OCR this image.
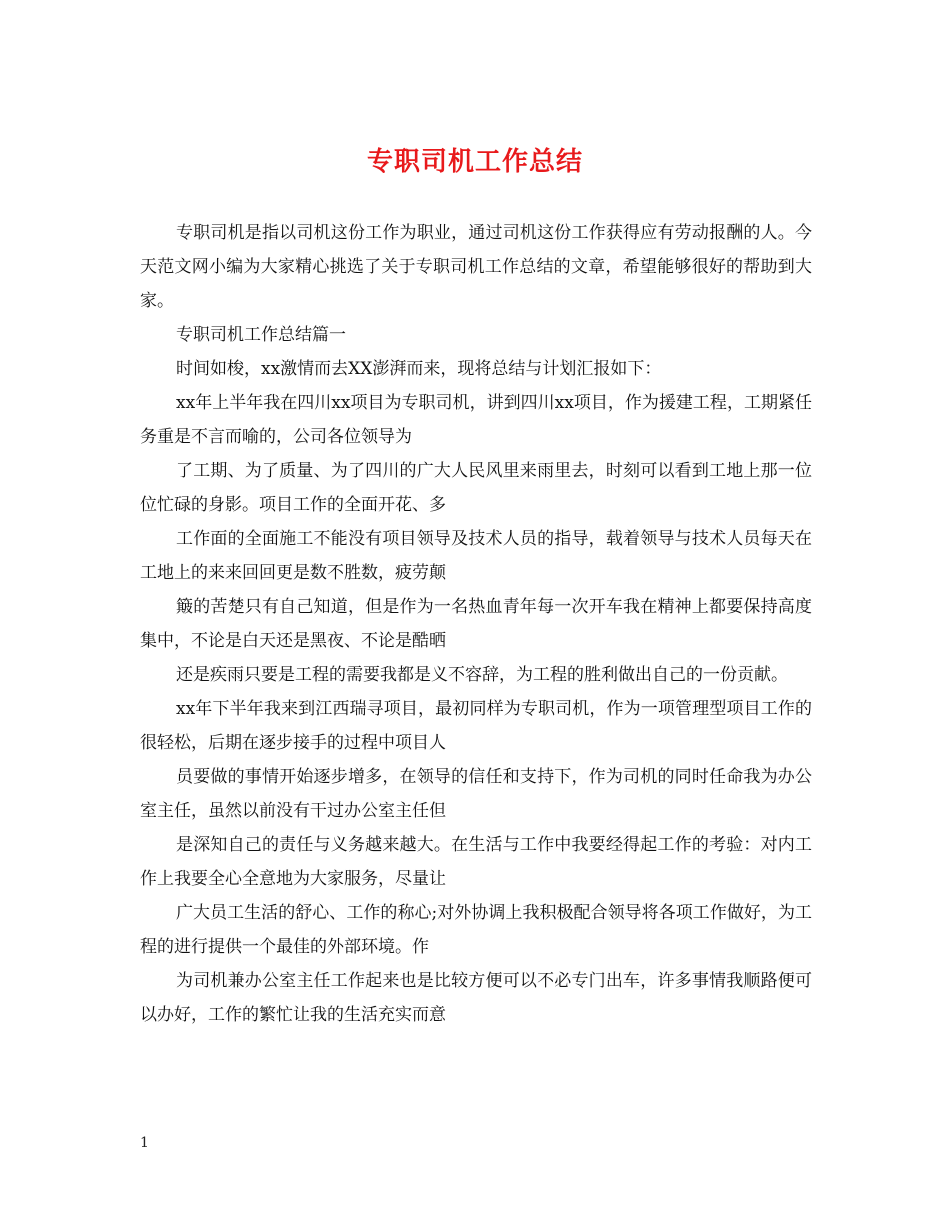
专职司机工作总结

专职司机是指以司机这份工作为职业，通过司机这份工作获得应有劳动报酬的人。今天范文网小编为大家精心挑选了关于专职司机工作总结的文章，希望能够很好的帮助到大家。

专职司机工作总结篇一

时间如梭，xx激情而去XX澎湃而来，现将总结与计划汇报如下：

xx年上半年我在四川xx项目为专职司机，讲到四川xx项目，作为援建工程，工期紧任务重是不言而喻的，公司各位领导为

了工期、为了质量、为了四川的广大人民风里来雨里去，时刻可以看到工地上那一位位忙碌的身影。项目工作的全面开花、多

工作面的全面施工不能没有项目领导及技术人员的指导，载着领导与技术人员每天在工地上的来来回回更是数不胜数，疲劳颠

簸的苦楚只有自己知道，但是作为一名热血青年每一次开车我在精神上都要保持高度集中，不论是白天还是黑夜、不论是酷晒

还是疾雨只要是工程的需要我都是义不容辞，为工程的胜利做出自己的一份贡献。

xx年下半年我来到江西瑞寻项目，最初同样为专职司机，作为一项管理型项目工作的很轻松，后期在逐步接手的过程中项目人

员要做的事情开始逐步增多，在领导的信任和支持下，作为司机的同时任命我为办公室主任，虽然以前没有干过办公室主任但

是深知自己的责任与义务越来越大。在生活与工作中我要经得起工作的考验：对内工作上我要全心全意地为大家服务，尽量让

广大员工生活的舒心、工作的称心;对外协调上我积极配合领导将各项工作做好，为工程的进行提供一个最佳的外部环境。作

为司机兼办公室主任工作起来也是比较方便可以不必专门出车，许多事情我顺路便可以办好，工作的繁忙让我的生活充实而意

1
